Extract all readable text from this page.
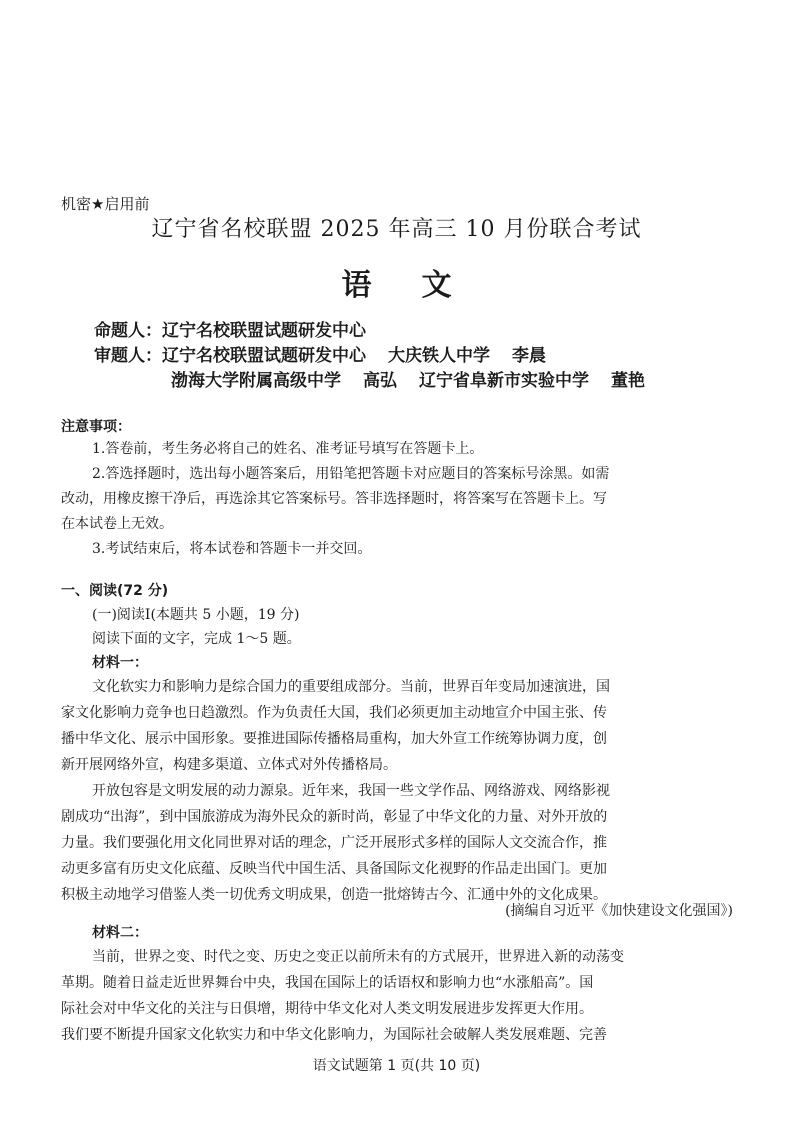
机密★启用前
辽宁省名校联盟 2025 年高三 10 月份联合考试
语 文
命题人：辽宁名校联盟试题研发中心
审题人：辽宁名校联盟试题研发中心 大庆铁人中学 李晨
渤海大学附属高级中学 高弘 辽宁省阜新市实验中学 董艳
注意事项：
1.答卷前，考生务必将自己的姓名、准考证号填写在答题卡上。
2.答选择题时，选出每小题答案后，用铅笔把答题卡对应题目的答案标号涂黑。如需
改动，用橡皮擦干净后，再选涂其它答案标号。答非选择题时，将答案写在答题卡上。写
在本试卷上无效。
3.考试结束后，将本试卷和答题卡一并交回。
一、阅读(72 分)
(一)阅读Ⅰ(本题共 5 小题，19 分)
阅读下面的文字，完成 1～5 题。
材料一：
文化软实力和影响力是综合国力的重要组成部分。当前，世界百年变局加速演进，国
家文化影响力竞争也日趋激烈。作为负责任大国，我们必须更加主动地宣介中国主张、传
播中华文化、展示中国形象。要推进国际传播格局重构，加大外宣工作统筹协调力度，创
新开展网络外宣，构建多渠道、立体式对外传播格局。
开放包容是文明发展的动力源泉。近年来，我国一些文学作品、网络游戏、网络影视
剧成功“出海”，到中国旅游成为海外民众的新时尚，彰显了中华文化的力量、对外开放的
力量。我们要强化用文化同世界对话的理念，广泛开展形式多样的国际人文交流合作，推
动更多富有历史文化底蕴、反映当代中国生活、具备国际文化视野的作品走出国门。更加
积极主动地学习借鉴人类一切优秀文明成果，创造一批熔铸古今、汇通中外的文化成果。
(摘编自习近平《加快建设文化强国》)
材料二：
当前，世界之变、时代之变、历史之变正以前所未有的方式展开，世界进入新的动荡变
革期。随着日益走近世界舞台中央，我国在国际上的话语权和影响力也“水涨船高”。国
际社会对中华文化的关注与日俱增，期待中华文化对人类文明发展进步发挥更大作用。
我们要不断提升国家文化软实力和中华文化影响力，为国际社会破解人类发展难题、完善
语文试题第 1 页(共 10 页)
